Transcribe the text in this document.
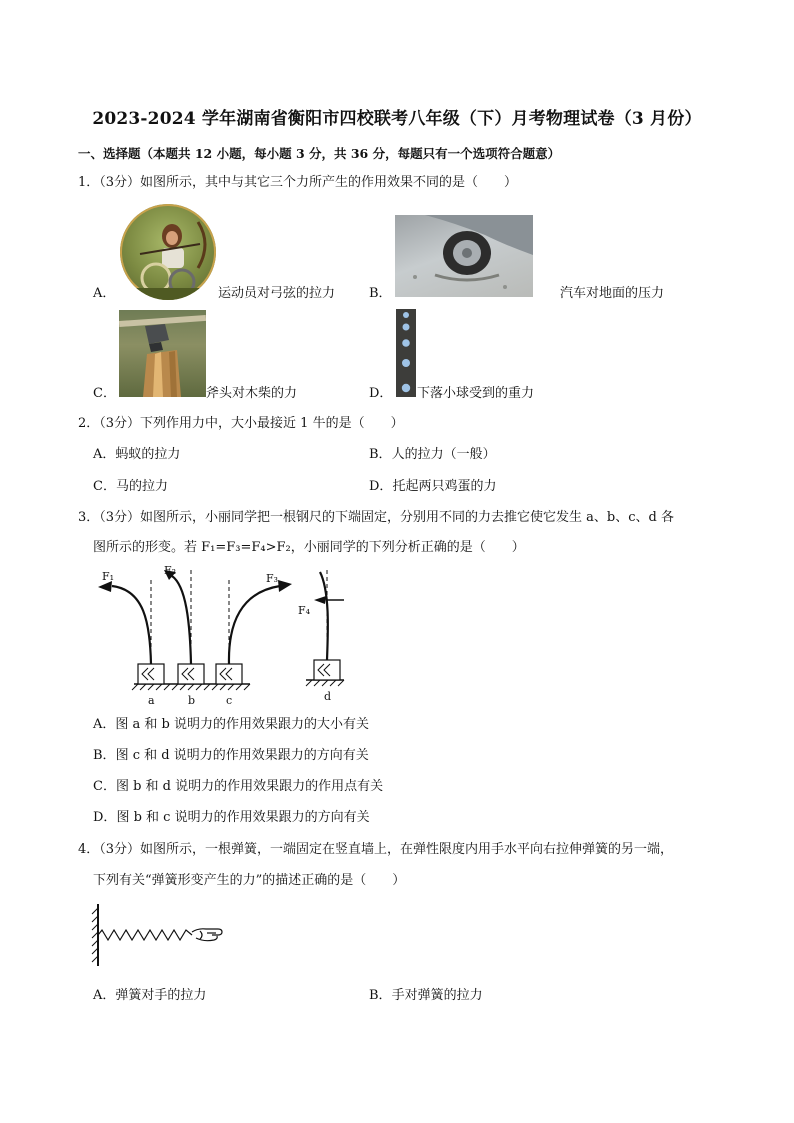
2023-2024 学年湖南省衡阳市四校联考八年级（下）月考物理试卷（3 月份）
一、选择题（本题共 12 小题，每小题 3 分，共 36 分，每题只有一个选项符合题意）
1．（3分）如图所示，其中与其它三个力所产生的作用效果不同的是（　　）
A．	运动员对弓弦的拉力	B．	汽车对地面的压力
C．	斧头对木柴的力	D． 下落小球受到的重力
2．（3分）下列作用力中，大小最接近 1 牛的是（　　）
A．蚂蚁的拉力	B．人的拉力（一般）
C．马的拉力	D．托起两只鸡蛋的力
3．（3分）如图所示，小丽同学把一根钢尺的下端固定，分别用不同的力去推它使它发生 a、b、c、d 各
图所示的形变。若 F₁=F₃=F₄>F₂，小丽同学的下列分析正确的是（　　）
F₁	F₂
F₃
F₄
a	b	c	d
A．图 a 和 b 说明力的作用效果跟力的大小有关
B．图 c 和 d 说明力的作用效果跟力的方向有关
C．图 b 和 d 说明力的作用效果跟力的作用点有关
D．图 b 和 c 说明力的作用效果跟力的方向有关
4．（3分）如图所示，一根弹簧，一端固定在竖直墙上，在弹性限度内用手水平向右拉伸弹簧的另一端，
下列有关“弹簧形变产生的力”的描述正确的是（　　）
A．弹簧对手的拉力	B．手对弹簧的拉力
